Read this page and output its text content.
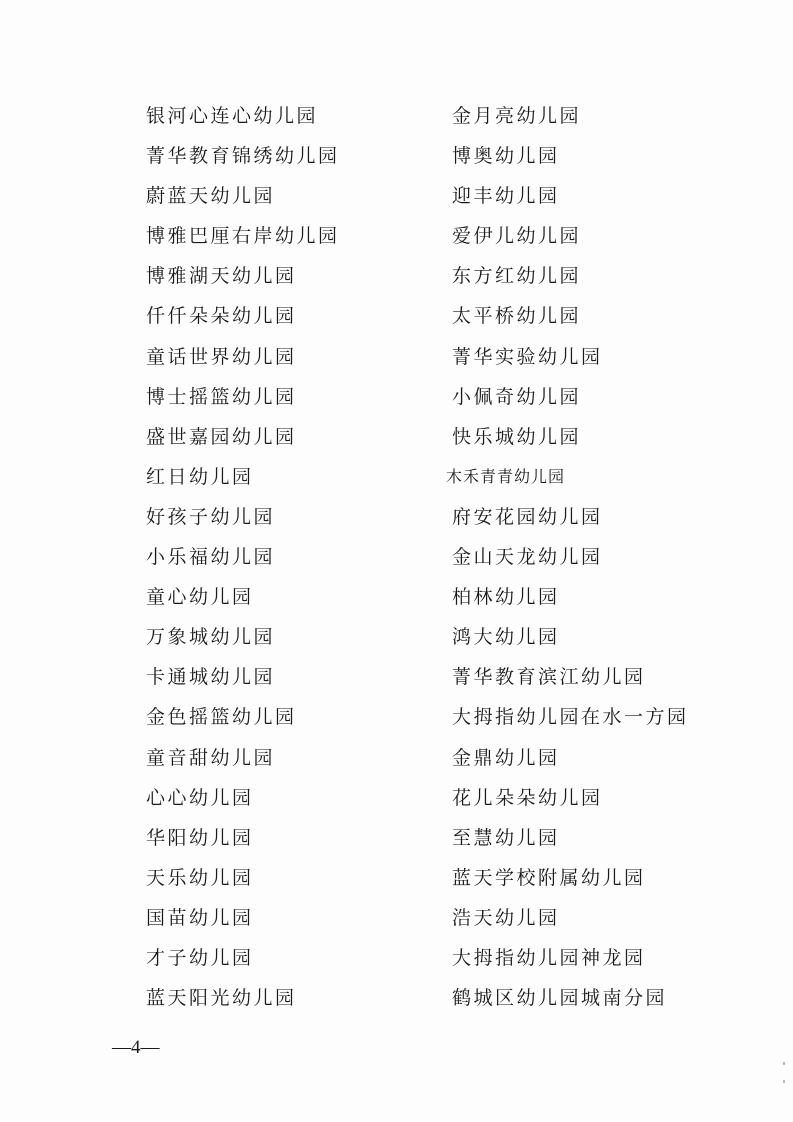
银河心连心幼儿园
菁华教育锦绣幼儿园
蔚蓝天幼儿园
博雅巴厘右岸幼儿园
博雅湖天幼儿园
仟仟朵朵幼儿园
童话世界幼儿园
博士摇篮幼儿园
盛世嘉园幼儿园
红日幼儿园
好孩子幼儿园
小乐福幼儿园
童心幼儿园
万象城幼儿园
卡通城幼儿园
金色摇篮幼儿园
童音甜幼儿园
心心幼儿园
华阳幼儿园
天乐幼儿园
国苗幼儿园
才子幼儿园
蓝天阳光幼儿园
金月亮幼儿园
博奥幼儿园
迎丰幼儿园
爱伊儿幼儿园
东方红幼儿园
太平桥幼儿园
菁华实验幼儿园
小佩奇幼儿园
快乐城幼儿园
木禾青青幼儿园
府安花园幼儿园
金山天龙幼儿园
柏林幼儿园
鸿大幼儿园
菁华教育滨江幼儿园
大拇指幼儿园在水一方园
金鼎幼儿园
花儿朵朵幼儿园
至慧幼儿园
蓝天学校附属幼儿园
浩天幼儿园
大拇指幼儿园神龙园
鹤城区幼儿园城南分园
—4—
